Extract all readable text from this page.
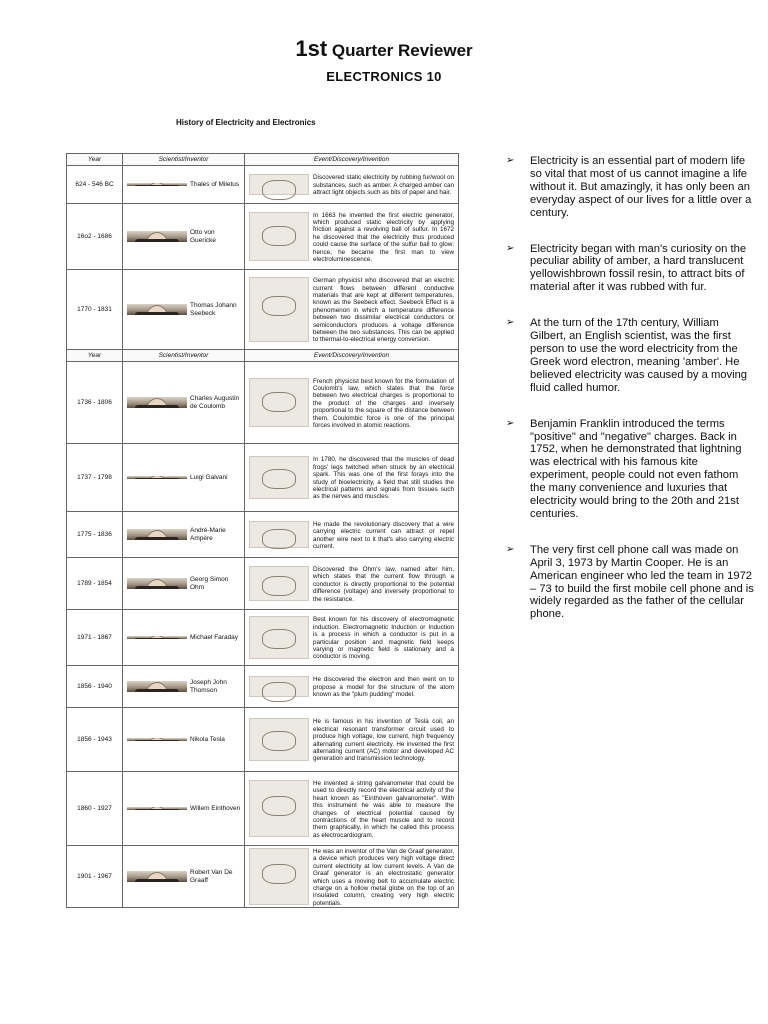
1st Quarter Reviewer
ELECTRONICS 10
History of Electricity and Electronics
Year	Scientist/Inventor	Event/Discovery/Invention
624 - 546 BC	Thales of Miletus	Discovered static electricity by rubbing fur/wool on substances, such as amber. A charged amber can attract light objects such as bits of paper and hair.

16o2 - 1686	Otto von Guericke	In 1663 he invented the first electric generator, which produced static electricity by applying friction against a revolving ball of sulfur. In 1672 he discovered that the electricity thus produced could cause the surface of the sulfur ball to glow; hence, he became the first man to view electroluminescence.

1770 - 1831	Thomas Johann Seebeck	German physicist who discovered that an electric current flows between different conductive materials that are kept at different temperatures, known as the Seebeck effect. Seebeck Effect is a phenomenon in which a temperature difference between two dissimilar electrical conductors or semiconductors produces a voltage difference between the two substances. This can be applied to thermal-to-electrical energy conversion.

Year	Scientist/Inventor	Event/Discovery/Invention
1736 - 1806	Charles Augustin de Coulomb	French physicist best known for the formulation of Coulomb's law, which states that the force between two electrical charges is proportional to the product of the charges and inversely proportional to the square of the distance between them. Coulombic force is one of the principal forces involved in atomic reactions.

1737 - 1798	Luigi Galvani	In 1780, he discovered that the muscles of dead frogs' legs twitched when struck by an electrical spark. This was one of the first forays into the study of bioelectricity, a field that still studies the electrical patterns and signals from tissues such as the nerves and muscles.

1775 - 1836	André-Marie Ampère	He made the revolutionary discovery that a wire carrying electric current can attract or repel another wire next to it that's also carrying electric current.

1789 - 1854	Georg Simon Ohm	Discovered the Ohm's law, named after him, which states that the current flow through a conductor is directly proportional to the potential difference (voltage) and inversely proportional to the resistance.

1971 - 1867	Michael Faraday	Best known for his discovery of electromagnetic induction. Electromagnetic Induction or Induction is a process in which a conductor is put in a particular position and magnetic field keeps varying or magnetic field is stationary and a conductor is moving.

1856 - 1940	Joseph John Thomson	He discovered the electron and then went on to propose a model for the structure of the atom known as the "plum pudding" model.

1856 - 1943	Nikola Tesla	He is famous in his invention of Tesla coil, an electrical resonant transformer circuit used to produce high voltage, low current, high frequency alternating current electricity. He invented the first alternating current (AC) motor and developed AC generation and transmission technology.

1860 - 1927	Willem Einthoven	He invented a string galvanometer that could be used to directly record the electrical activity of the heart known as "Einthoven galvanometer". With this instrument he was able to measure the changes of electrical potential caused by contractions of the heart muscle and to record them graphically, in which he called this process as electrocardiogram.

1901 - 1967	Robert Van De Graaff	He was an inventor of the Van de Graaf generator, a device which produces very high voltage direct current electricity at low current levels. A Van de Graaf generator is an electrostatic generator which uses a moving belt to accumulate electric charge on a hollow metal globe on the top of an insulated column, creating very high electric potentials.
➢ Electricity is an essential part of modern life so vital that most of us cannot imagine a life without it. But amazingly, it has only been an everyday aspect of our lives for a little over a century.
➢ Electricity began with man's curiosity on the peculiar ability of amber, a hard translucent yellowishbrown fossil resin, to attract bits of material after it was rubbed with fur.
➢ At the turn of the 17th century, William Gilbert, an English scientist, was the first person to use the word electricity from the Greek word electron, meaning 'amber'. He believed electricity was caused by a moving fluid called humor.
➢ Benjamin Franklin introduced the terms "positive" and "negative" charges. Back in 1752, when he demonstrated that lightning was electrical with his famous kite experiment, people could not even fathom the many convenience and luxuries that electricity would bring to the 20th and 21st centuries.
➢ The very first cell phone call was made on April 3, 1973 by Martin Cooper. He is an American engineer who led the team in 1972 – 73 to build the first mobile cell phone and is widely regarded as the father of the cellular phone.
